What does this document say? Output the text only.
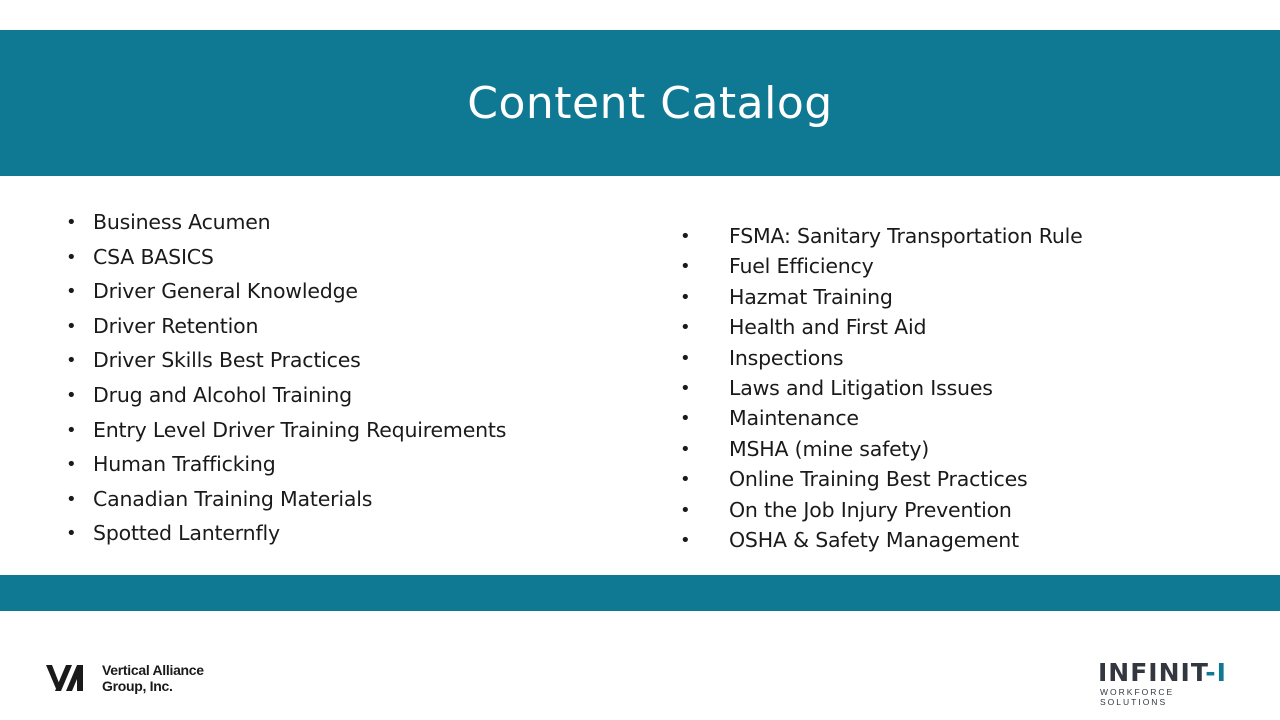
Content Catalog
• Business Acumen
• CSA BASICS
• Driver General Knowledge
• Driver Retention
• Driver Skills Best Practices
• Drug and Alcohol Training
• Entry Level Driver Training Requirements
• Human Trafficking
• Canadian Training Materials
• Spotted Lanternfly
• FSMA: Sanitary Transportation Rule
• Fuel Efficiency
• Hazmat Training
• Health and First Aid
• Inspections
• Laws and Litigation Issues
• Maintenance
• MSHA (mine safety)
• Online Training Best Practices
• On the Job Injury Prevention
• OSHA & Safety Management
Vertical Alliance
Group, Inc.	INFINIT-I
WORKFORCE SOLUTIONS
